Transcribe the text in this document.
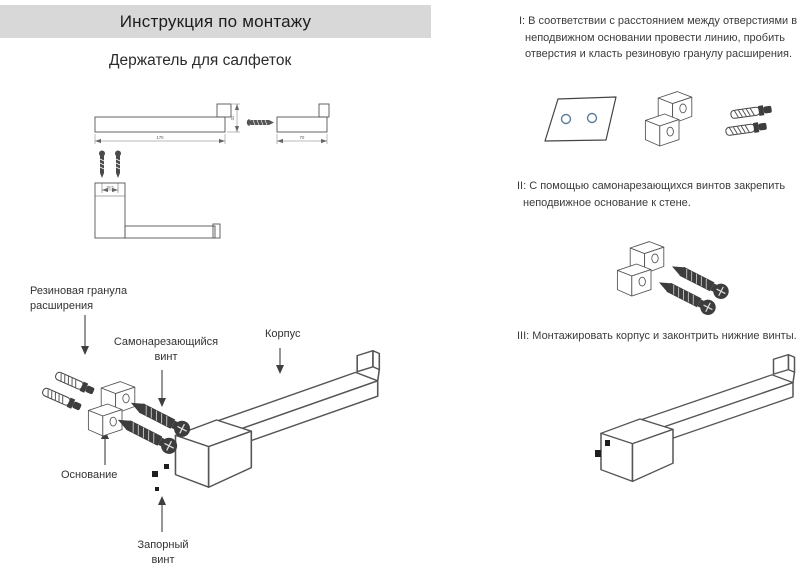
Инструкция по монтажу
Держатель для салфеток
170
32
70
38.5
Резиновая гранула расширения
Самонарезающийся винт
Корпус
Основание
Запорный винт
I: В соответствии с расстоянием между отверстиями в неподвижном основании провести линию, пробить отверстия и класть резиновую гранулу расширения.
II: С помощью самонарезающихся винтов закрепить неподвижное основание к стене.
III: Монтажировать корпус и законтрить нижние винты.
